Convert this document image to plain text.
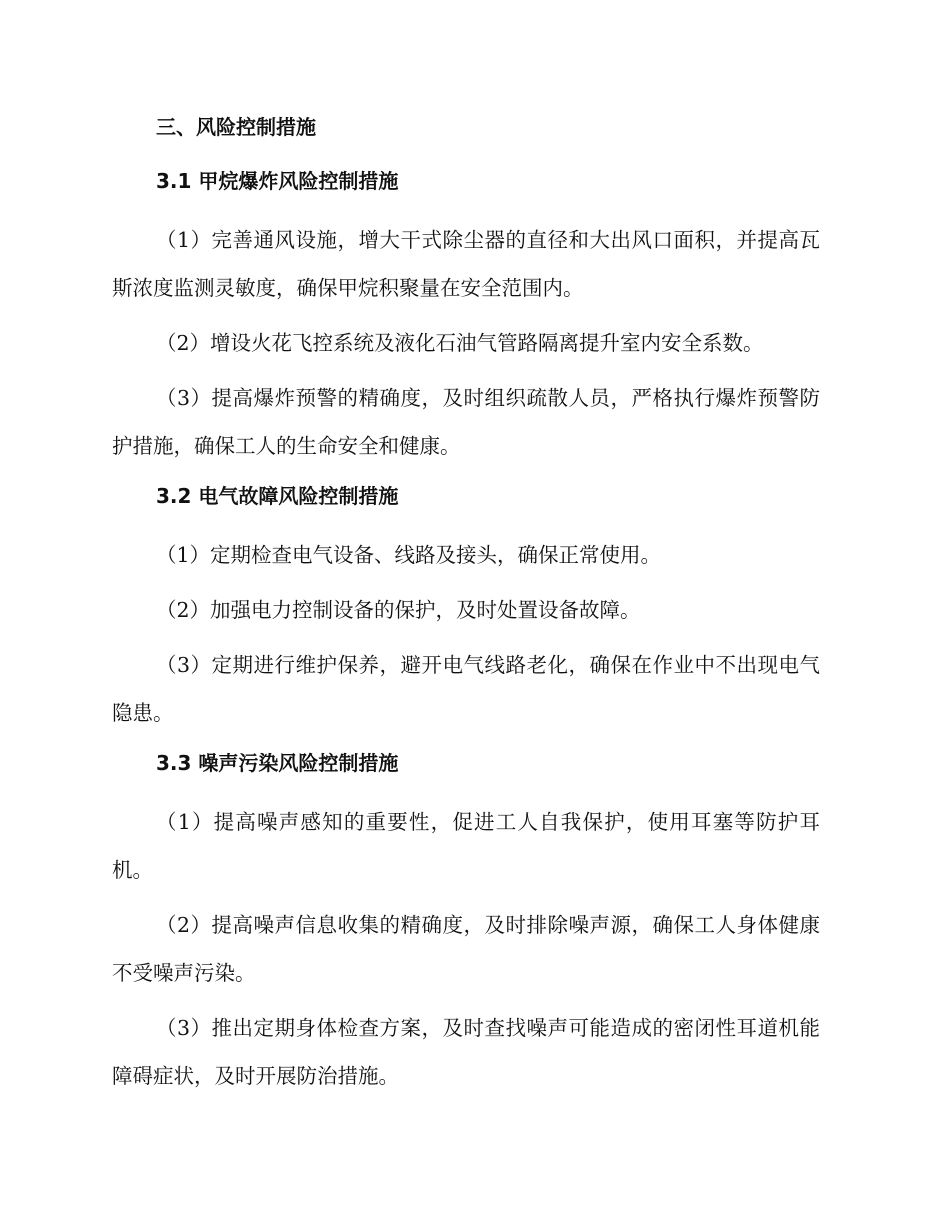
三、风险控制措施
3.1 甲烷爆炸风险控制措施
（1）完善通风设施，增大干式除尘器的直径和大出风口面积，并提高瓦斯浓度监测灵敏度，确保甲烷积聚量在安全范围内。
（2）增设火花飞控系统及液化石油气管路隔离提升室内安全系数。
（3）提高爆炸预警的精确度，及时组织疏散人员，严格执行爆炸预警防护措施，确保工人的生命安全和健康。
3.2 电气故障风险控制措施
（1）定期检查电气设备、线路及接头，确保正常使用。
（2）加强电力控制设备的保护，及时处置设备故障。
（3）定期进行维护保养，避开电气线路老化，确保在作业中不出现电气隐患。
3.3 噪声污染风险控制措施
（1）提高噪声感知的重要性，促进工人自我保护，使用耳塞等防护耳机。
（2）提高噪声信息收集的精确度，及时排除噪声源，确保工人身体健康不受噪声污染。
（3）推出定期身体检查方案，及时查找噪声可能造成的密闭性耳道机能障碍症状，及时开展防治措施。
